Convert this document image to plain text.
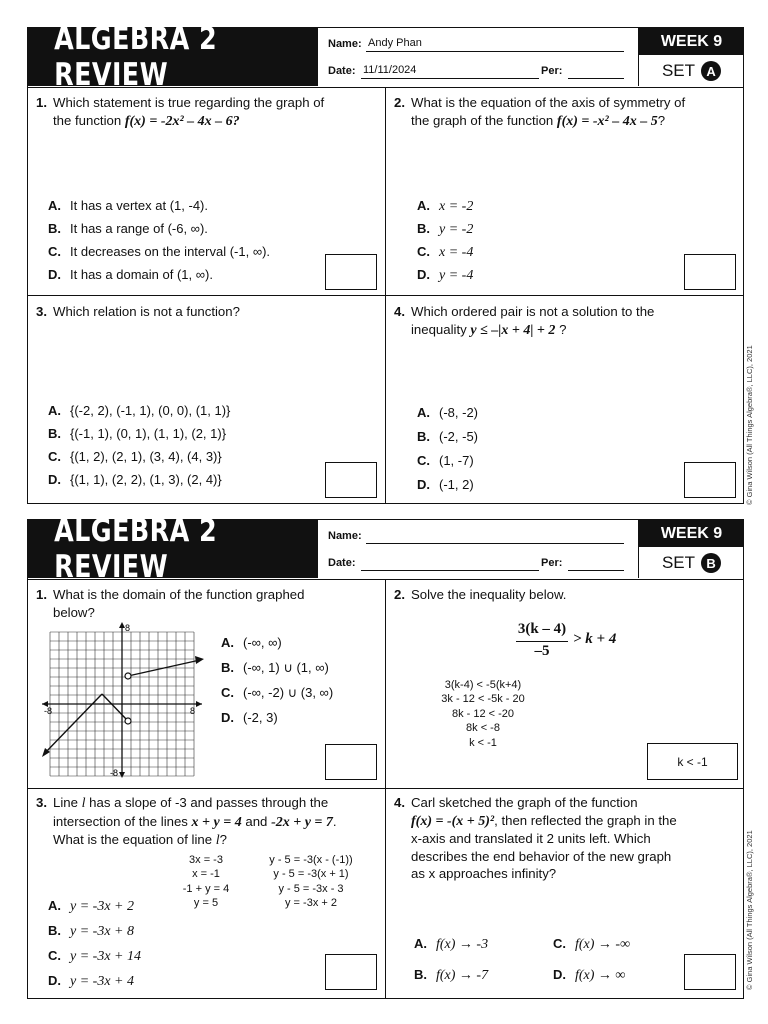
ALGEBRA 2 REVIEW
Name: Andy Phan
Date: 11/11/2024	Per:
WEEK 9
SET A
1. Which statement is true regarding the graph of
the function f(x) = -2x² – 4x – 6?
A. It has a vertex at (1, -4).
B. It has a range of (-6, ∞).
C. It decreases on the interval (-1, ∞).
D. It has a domain of (1, ∞).
2. What is the equation of the axis of symmetry of
the graph of the function f(x) = -x² – 4x – 5?
A. x = -2
B. y = -2
C. x = -4
D. y = -4
3. Which relation is not a function?
A. {(-2, 2), (-1, 1), (0, 0), (1, 1)}
B. {(-1, 1), (0, 1), (1, 1), (2, 1)}
C. {(1, 2), (2, 1), (3, 4), (4, 3)}
D. {(1, 1), (2, 2), (1, 3), (2, 4)}
4. Which ordered pair is not a solution to the
inequality y ≤ –|x + 4| + 2 ?
A. (-8, -2)
B. (-2, -5)
C. (1, -7)
D. (-1, 2)
ALGEBRA 2 REVIEW
Name:
Date:	Per:
WEEK 9
SET B
1. What is the domain of the function graphed
below?
-8	8
8
-8
A. (-∞, ∞)
B. (-∞, 1) ∪ (1, ∞)
C. (-∞, -2) ∪ (3, ∞)
D. (-2, 3)
2. Solve the inequality below.
3(k – 4)
–5
> k + 4
3(k-4) < -5(k+4)
3k - 12 < -5k - 20
8k - 12 < -20
8k < -8
k < -1
k < -1
3. Line l has a slope of -3 and passes through the
intersection of the lines x + y = 4 and -2x + y = 7.
What is the equation of line l?
3x = -3
x = -1
-1 + y = 4
y = 5
y - 5 = -3(x - (-1))
y - 5 = -3(x + 1)
y - 5 = -3x - 3
y = -3x + 2
A. y = -3x + 2
B. y = -3x + 8
C. y = -3x + 14
D. y = -3x + 4
4. Carl sketched the graph of the function
f(x) = -(x + 5)², then reflected the graph in the
x-axis and translated it 2 units left. Which
describes the end behavior of the new graph
as x approaches infinity?
A. f(x) → -3
B. f(x) → -7
C. f(x) → -∞
D. f(x) → ∞
© Gina Wilson (All Things Algebra®, LLC), 2021
© Gina Wilson (All Things Algebra®, LLC), 2021
